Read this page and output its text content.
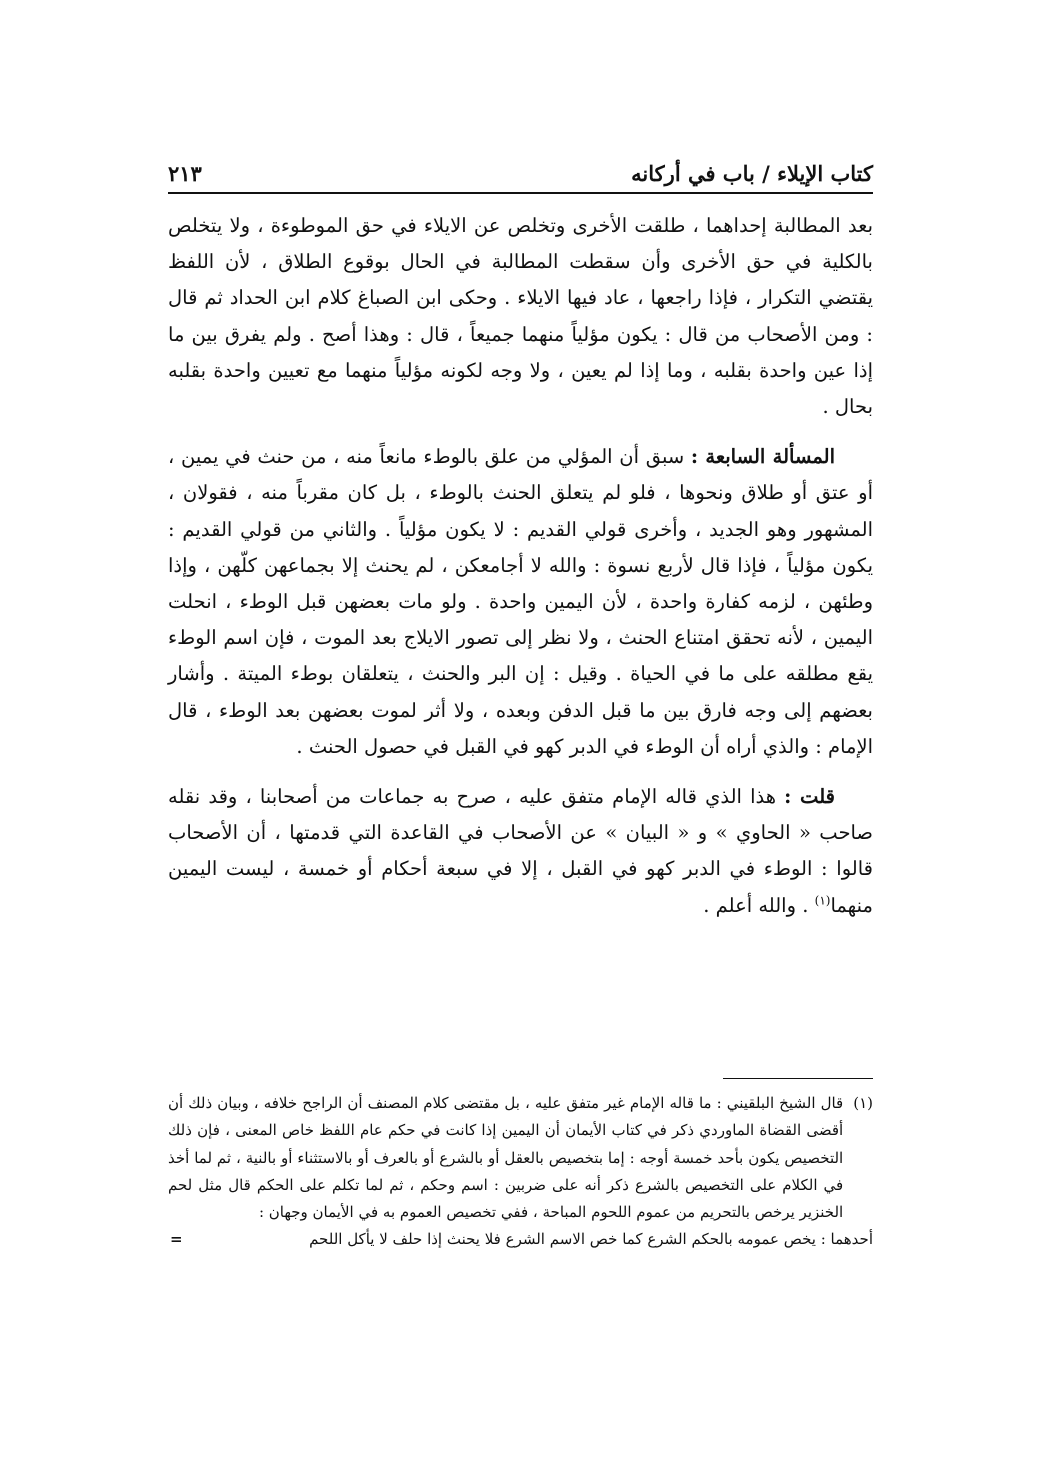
كتاب الإيلاء / باب في أركانه
٢١٣

بعد المطالبة إحداهما ، طلقت الأخرى وتخلص عن الايلاء في حق الموطوءة ، ولا يتخلص بالكلية في حق الأخرى وأن سقطت المطالبة في الحال بوقوع الطلاق ، لأن اللفظ يقتضي التكرار ، فإذا راجعها ، عاد فيها الايلاء . وحكى ابن الصباغ كلام ابن الحداد ثم قال : ومن الأصحاب من قال : يكون مؤلياً منهما جميعاً ، قال : وهذا أصح . ولم يفرق بين ما إذا عين واحدة بقلبه ، وما إذا لم يعين ، ولا وجه لكونه مؤلياً منهما مع تعيين واحدة بقلبه بحال .

المسألة السابعة : سبق أن المؤلي من علق بالوطء مانعاً منه ، من حنث في يمين ، أو عتق أو طلاق ونحوها ، فلو لم يتعلق الحنث بالوطء ، بل كان مقرباً منه ، فقولان ، المشهور وهو الجديد ، وأخرى قولي القديم : لا يكون مؤلياً . والثاني من قولي القديم : يكون مؤلياً ، فإذا قال لأربع نسوة : والله لا أجامعكن ، لم يحنث إلا بجماعهن كلّهن ، وإذا وطئهن ، لزمه كفارة واحدة ، لأن اليمين واحدة . ولو مات بعضهن قبل الوطء ، انحلت اليمين ، لأنه تحقق امتناع الحنث ، ولا نظر إلى تصور الايلاج بعد الموت ، فإن اسم الوطء يقع مطلقه على ما في الحياة . وقيل : إن البر والحنث ، يتعلقان بوطء الميتة . وأشار بعضهم إلى وجه فارق بين ما قبل الدفن وبعده ، ولا أثر لموت بعضهن بعد الوطء ، قال الإمام : والذي أراه أن الوطء في الدبر كهو في القبل في حصول الحنث .

قلت : هذا الذي قاله الإمام متفق عليه ، صرح به جماعات من أصحابنا ، وقد نقله صاحب « الحاوي » و « البيان » عن الأصحاب في القاعدة التي قدمتها ، أن الأصحاب قالوا : الوطء في الدبر كهو في القبل ، إلا في سبعة أحكام أو خمسة ، ليست اليمين منهما$^{(١)}$ . والله أعلم .

(١)
قال الشيخ البلقيني : ما قاله الإمام غير متفق عليه ، بل مقتضى كلام المصنف أن الراجح خلافه ، وبيان ذلك أن أقضى القضاة الماوردي ذكر في كتاب الأيمان أن اليمين إذا كانت في حكم عام اللفظ خاص المعنى ، فإن ذلك التخصيص يكون بأحد خمسة أوجه : إما بتخصيص بالعقل أو بالشرع أو بالعرف أو بالاستثناء أو بالنية ، ثم لما أخذ في الكلام على التخصيص بالشرع ذكر أنه على ضربين : اسم وحكم ، ثم لما تكلم على الحكم قال مثل لحم الخنزير يرخص بالتحريم من عموم اللحوم المباحة ، ففي تخصيص العموم به في الأيمان وجهان :
أحدهما : يخص عمومه بالحكم الشرع كما خص الاسم الشرع فلا يحنث إذا حلف لا يأكل اللحم
=
